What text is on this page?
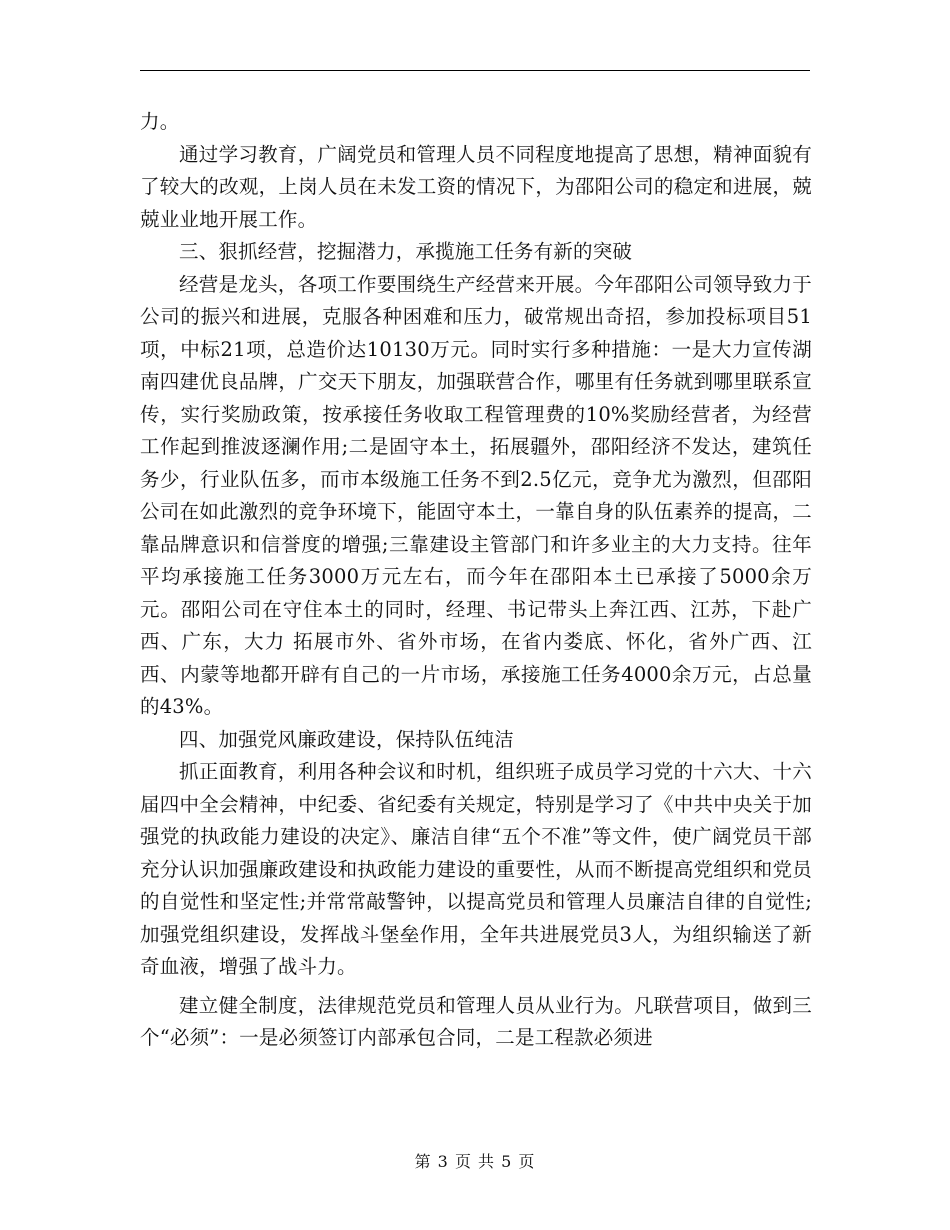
力。

通过学习教育，广阔党员和管理人员不同程度地提高了思想，精神面貌有了较大的改观，上岗人员在未发工资的情况下，为邵阳公司的稳定和进展，兢兢业业地开展工作。

三、狠抓经营，挖掘潜力，承揽施工任务有新的突破

经营是龙头，各项工作要围绕生产经营来开展。今年邵阳公司领导致力于公司的振兴和进展，克服各种困难和压力，破常规出奇招，参加投标项目51 项，中标21项，总造价达10130万元。同时实行多种措施：一是大力宣传湖南四建优良品牌，广交天下朋友，加强联营合作，哪里有任务就到哪里联系宣传，实行奖励政策，按承接任务收取工程管理费的10%奖励经营者，为经营工作起到推波逐澜作用;二是固守本土，拓展疆外，邵阳经济不发达，建筑任务少，行业队伍多，而市本级施工任务不到2.5亿元，竞争尤为激烈，但邵阳公司在如此激烈的竞争环境下，能固守本土，一靠自身的队伍素养的提高，二靠品牌意识和信誉度的增强;三靠建设主管部门和许多业主的大力支持。往年平均承接施工任务3000万元左右，而今年在邵阳本土已承接了5000余万元。邵阳公司在守住本土的同时，经理、书记带头上奔江西、江苏，下赴广西、广东，大力 拓展市外、省外市场，在省内娄底、怀化，省外广西、江西、内蒙等地都开辟有自己的一片市场，承接施工任务4000余万元，占总量的43%。

四、加强党风廉政建设，保持队伍纯洁

抓正面教育，利用各种会议和时机，组织班子成员学习党的十六大、十六届四中全会精神，中纪委、省纪委有关规定，特别是学习了《中共中央关于加强党的执政能力建设的决定》、廉洁自律“五个不准”等文件，使广阔党员干部充分认识加强廉政建设和执政能力建设的重要性，从而不断提高党组织和党员的自觉性和坚定性;并常常敲警钟，以提高党员和管理人员廉洁自律的自觉性;加强党组织建设，发挥战斗堡垒作用，全年共进展党员3人，为组织输送了新奇血液，增强了战斗力。

建立健全制度，法律规范党员和管理人员从业行为。凡联营项目，做到三个“必须”：一是必须签订内部承包合同，二是工程款必须进

第 3 页 共 5 页
